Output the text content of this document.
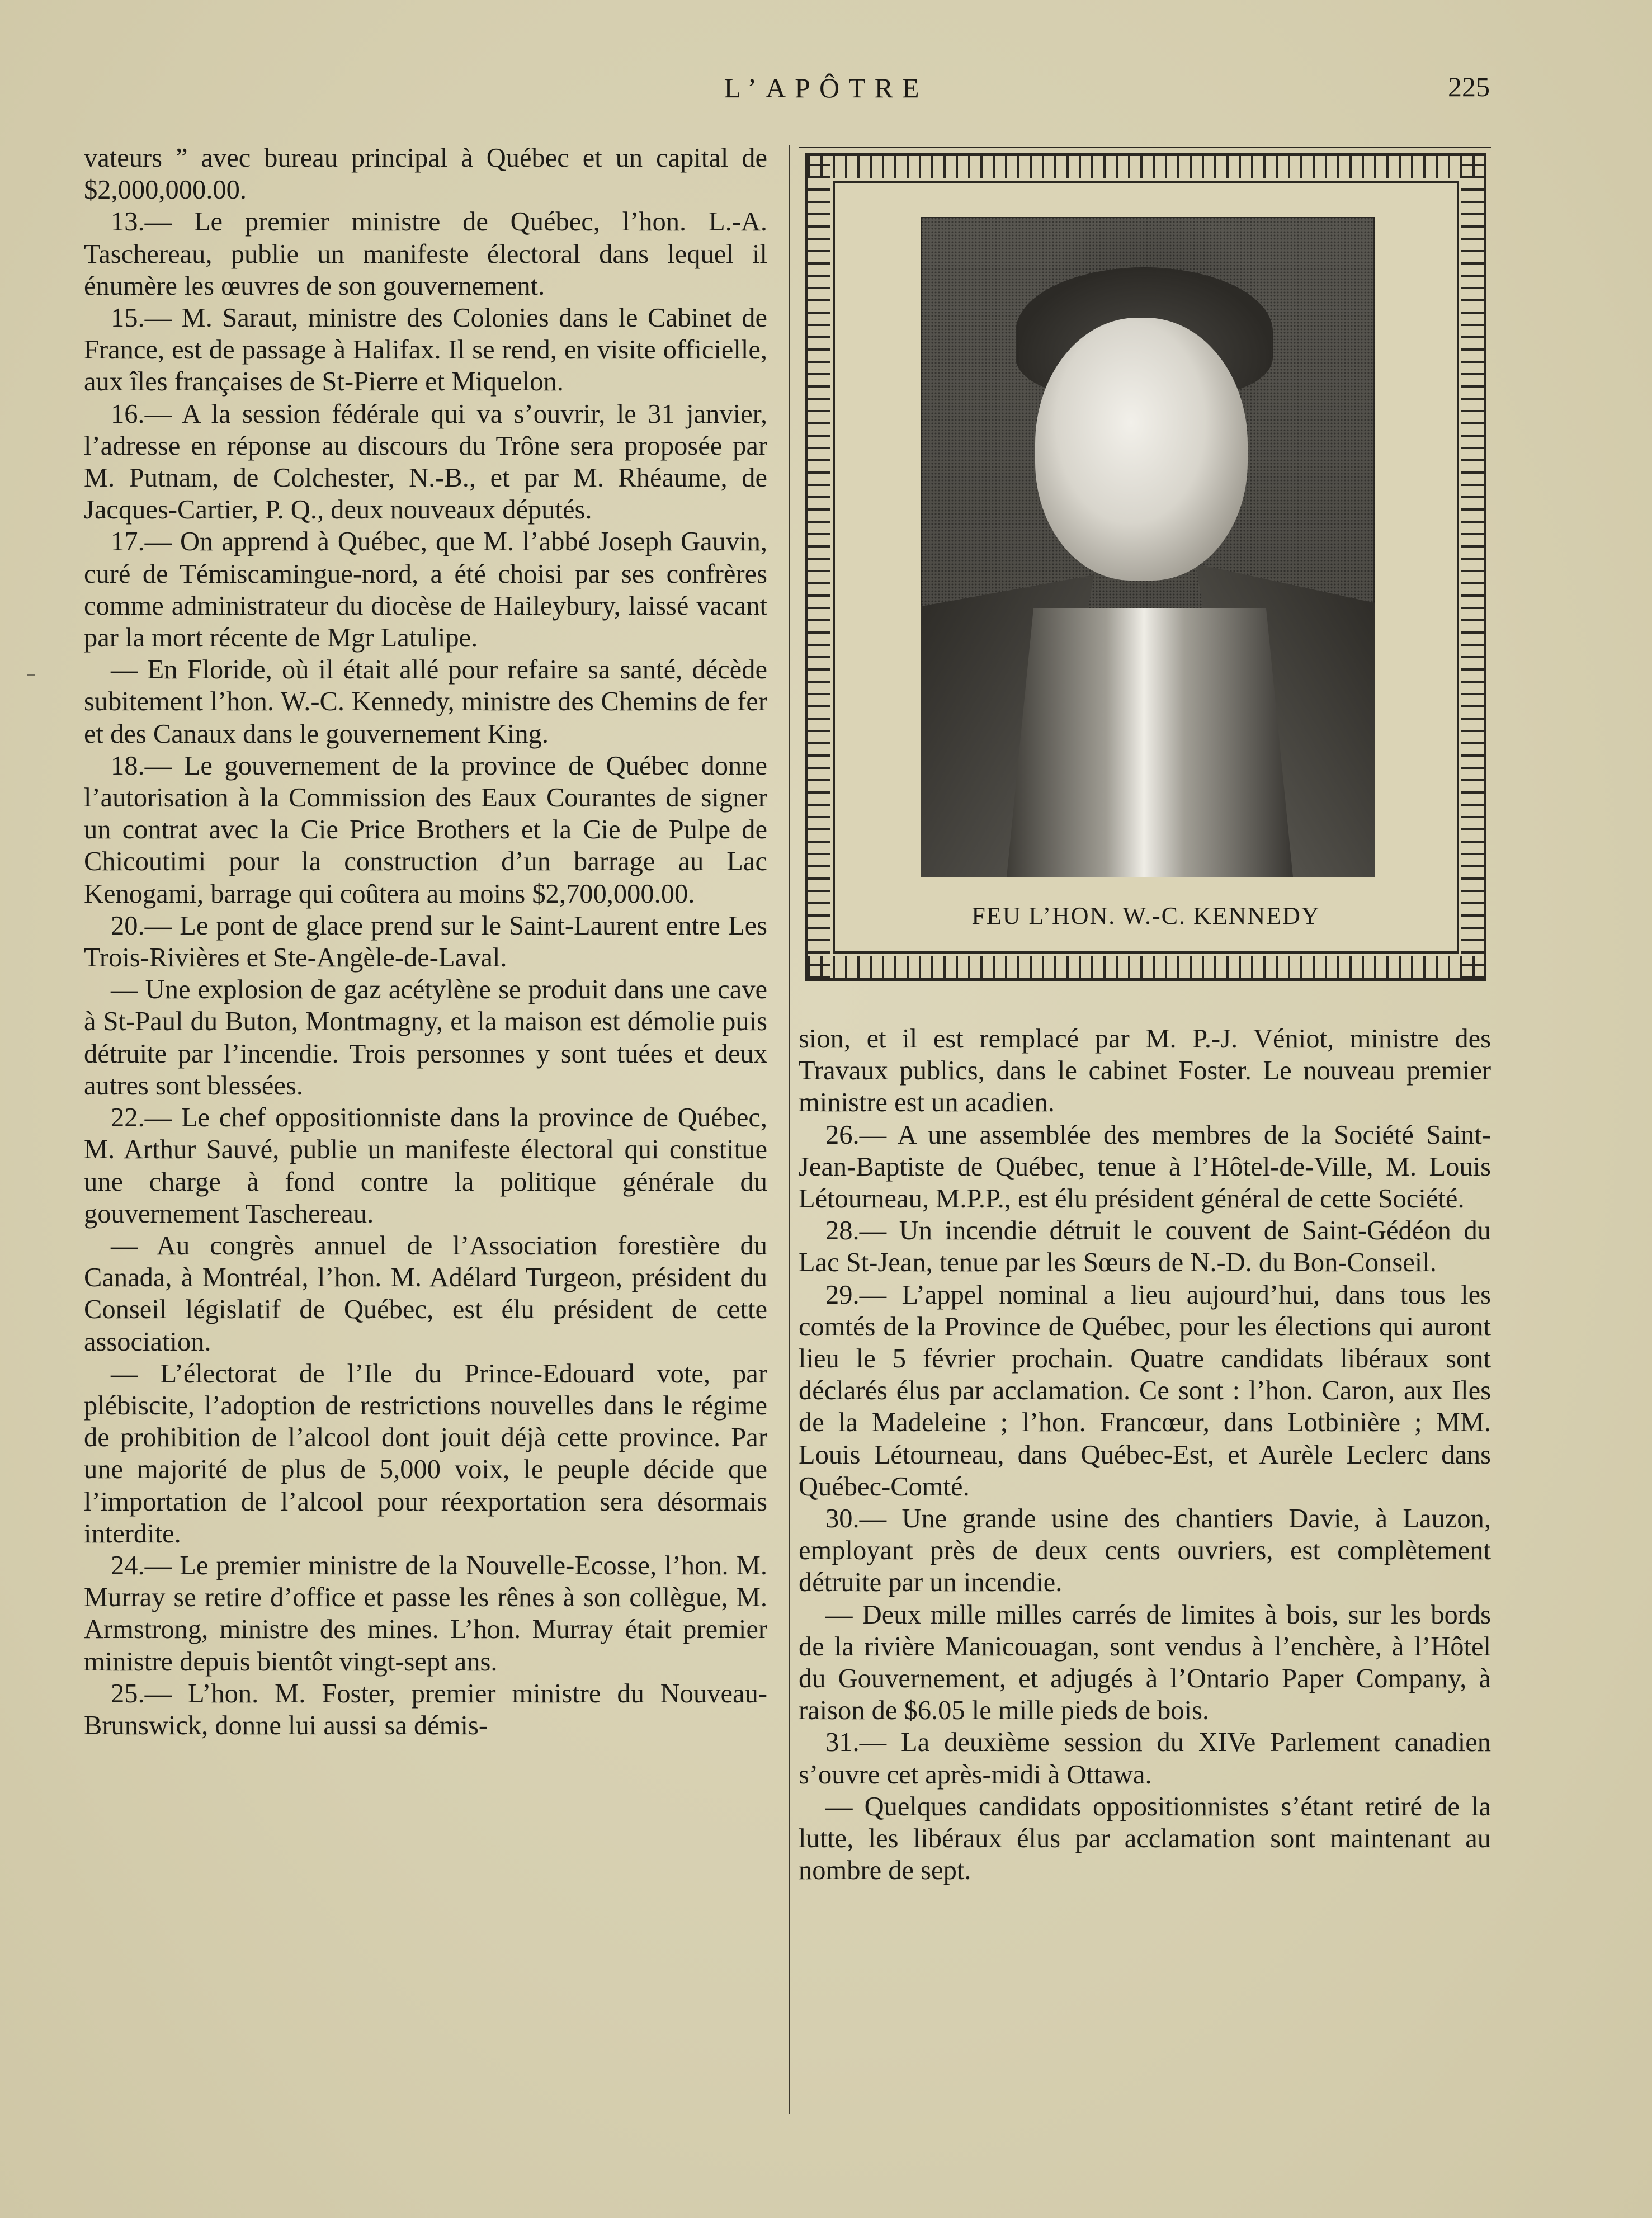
L’APÔTRE	225

vateurs ” avec bureau principal à Québec et un capital de $2,000,000.00.

13.— Le premier ministre de Québec, l’hon. L.-A. Taschereau, publie un manifeste électoral dans lequel il énumère les œuvres de son gouvernement.

15.— M. Saraut, ministre des Colonies dans le Cabinet de France, est de passage à Halifax. Il se rend, en visite officielle, aux îles françaises de St-Pierre et Miquelon.

16.— A la session fédérale qui va s’ouvrir, le 31 janvier, l’adresse en réponse au discours du Trône sera proposée par M. Putnam, de Colchester, N.-B., et par M. Rhéaume, de Jacques-Cartier, P. Q., deux nouveaux députés.

17.— On apprend à Québec, que M. l’abbé Joseph Gauvin, curé de Témiscamingue-nord, a été choisi par ses confrères comme administrateur du diocèse de Haileybury, laissé vacant par la mort récente de Mgr Latulipe.

— En Floride, où il était allé pour refaire sa santé, décède subitement l’hon. W.-C. Kennedy, ministre des Chemins de fer et des Canaux dans le gouvernement King.

18.— Le gouvernement de la province de Québec donne l’autorisation à la Commission des Eaux Courantes de signer un contrat avec la Cie Price Brothers et la Cie de Pulpe de Chicoutimi pour la construction d’un barrage au Lac Kenogami, barrage qui coûtera au moins $2,700,000.00.

20.— Le pont de glace prend sur le Saint-Laurent entre Les Trois-Rivières et Ste-Angèle-de-Laval.

— Une explosion de gaz acétylène se produit dans une cave à St-Paul du Buton, Montmagny, et la maison est démolie puis détruite par l’incendie. Trois personnes y sont tuées et deux autres sont blessées.

22.— Le chef oppositionniste dans la province de Québec, M. Arthur Sauvé, publie un manifeste électoral qui constitue une charge à fond contre la politique générale du gouvernement Taschereau.

— Au congrès annuel de l’Association forestière du Canada, à Montréal, l’hon. M. Adélard Turgeon, président du Conseil législatif de Québec, est élu président de cette association.

— L’électorat de l’Ile du Prince-Edouard vote, par plébiscite, l’adoption de restrictions nouvelles dans le régime de prohibition de l’alcool dont jouit déjà cette province. Par une majorité de plus de 5,000 voix, le peuple décide que l’importation de l’alcool pour réexportation sera désormais interdite.

24.— Le premier ministre de la Nouvelle-Ecosse, l’hon. M. Murray se retire d’office et passe les rênes à son collègue, M. Armstrong, ministre des mines. L’hon. Murray était premier ministre depuis bientôt vingt-sept ans.

25.— L’hon. M. Foster, premier ministre du Nouveau-Brunswick, donne lui aussi sa démis-

FEU L’HON. W.-C. KENNEDY

sion, et il est remplacé par M. P.-J. Véniot, ministre des Travaux publics, dans le cabinet Foster. Le nouveau premier ministre est un acadien.

26.— A une assemblée des membres de la Société Saint-Jean-Baptiste de Québec, tenue à l’Hôtel-de-Ville, M. Louis Létourneau, M.P.P., est élu président général de cette Société.

28.— Un incendie détruit le couvent de Saint-Gédéon du Lac St-Jean, tenue par les Sœurs de N.-D. du Bon-Conseil.

29.— L’appel nominal a lieu aujourd’hui, dans tous les comtés de la Province de Québec, pour les élections qui auront lieu le 5 février prochain. Quatre candidats libéraux sont déclarés élus par acclamation. Ce sont : l’hon. Caron, aux Iles de la Madeleine ; l’hon. Francœur, dans Lotbinière ; MM. Louis Létourneau, dans Québec-Est, et Aurèle Leclerc dans Québec-Comté.

30.— Une grande usine des chantiers Davie, à Lauzon, employant près de deux cents ouvriers, est complètement détruite par un incendie.

— Deux mille milles carrés de limites à bois, sur les bords de la rivière Manicouagan, sont vendus à l’enchère, à l’Hôtel du Gouvernement, et adjugés à l’Ontario Paper Company, à raison de $6.05 le mille pieds de bois.

31.— La deuxième session du XIVe Parlement canadien s’ouvre cet après-midi à Ottawa.

— Quelques candidats oppositionnistes s’étant retiré de la lutte, les libéraux élus par acclamation sont maintenant au nombre de sept.
